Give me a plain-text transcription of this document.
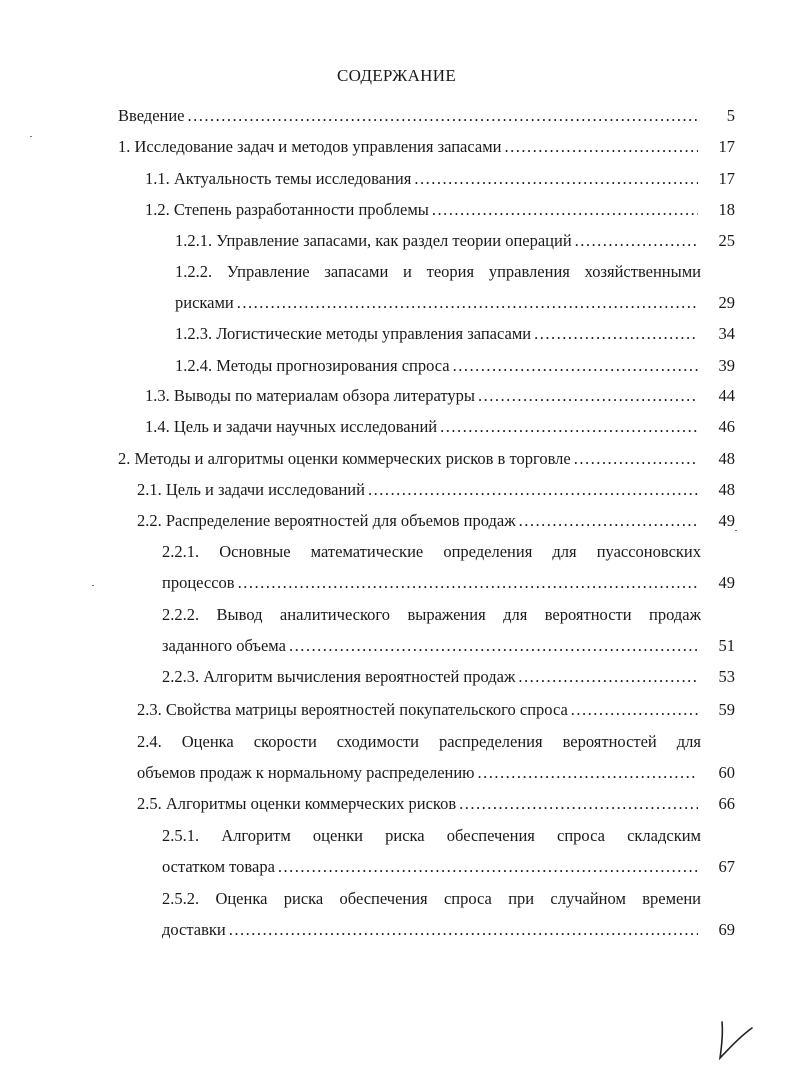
СОДЕРЖАНИЕ
Введение .....	5
1. Исследование задач и методов управления запасами .....	17
1.1. Актуальность темы исследования .....	17
1.2. Степень разработанности проблемы .....	18
1.2.1. Управление запасами, как раздел теории операций .....	25
1.2.2. Управление запасами и теория управления хозяйственными
рисками .....	29
1.2.3. Логистические методы управления запасами .....	34
1.2.4. Методы прогнозирования спроса .....	39
1.3. Выводы по материалам обзора литературы .....	44
1.4. Цель и задачи научных исследований .....	46
2. Методы и алгоритмы оценки коммерческих рисков в торговле .....	48
2.1. Цель и задачи исследований .....	48
2.2. Распределение вероятностей для объемов продаж .....	49
2.2.1. Основные математические определения для пуассоновских
процессов .....	49
2.2.2. Вывод аналитического выражения для вероятности продаж
заданного объема .....	51
2.2.3. Алгоритм вычисления вероятностей продаж .....	53
2.3. Свойства матрицы вероятностей покупательского спроса .....	59
2.4. Оценка скорости сходимости распределения вероятностей для
объемов продаж к нормальному распределению .....	60
2.5. Алгоритмы оценки коммерческих рисков .....	66
2.5.1. Алгоритм оценки риска обеспечения спроса складским
остатком товара .....	67
2.5.2. Оценка риска обеспечения спроса при случайном времени
доставки .....	69
